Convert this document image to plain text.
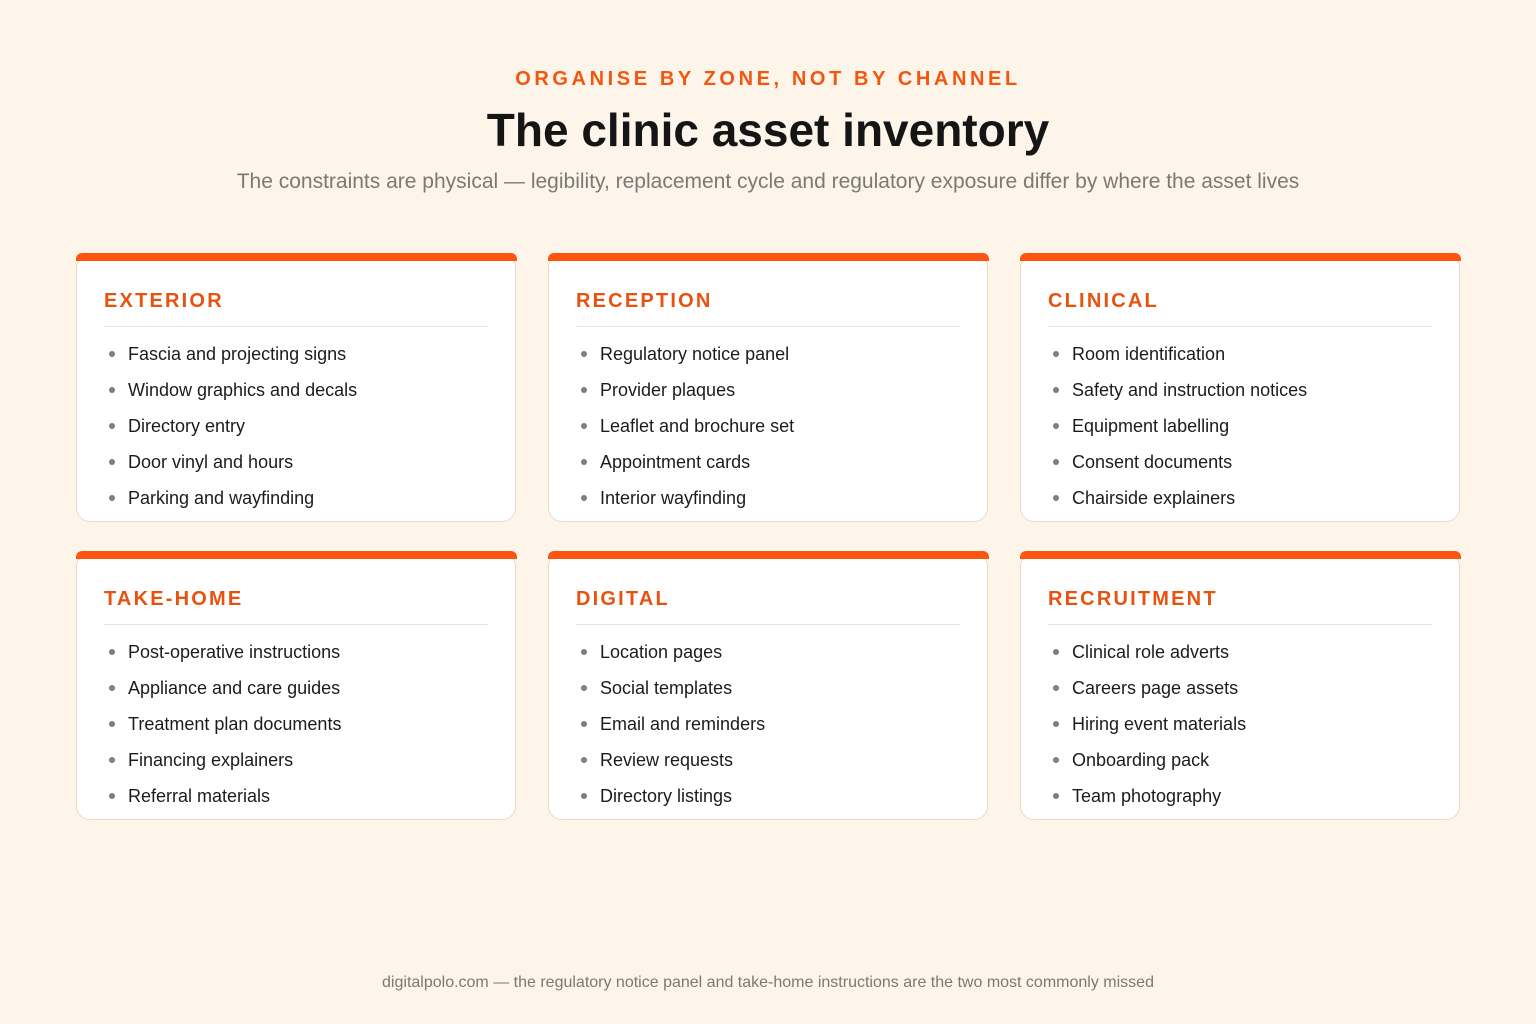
ORGANISE BY ZONE, NOT BY CHANNEL
The clinic asset inventory
The constraints are physical — legibility, replacement cycle and regulatory exposure differ by where the asset lives
EXTERIOR
Fascia and projecting signs
Window graphics and decals
Directory entry
Door vinyl and hours
Parking and wayfinding
RECEPTION
Regulatory notice panel
Provider plaques
Leaflet and brochure set
Appointment cards
Interior wayfinding
CLINICAL
Room identification
Safety and instruction notices
Equipment labelling
Consent documents
Chairside explainers
TAKE-HOME
Post-operative instructions
Appliance and care guides
Treatment plan documents
Financing explainers
Referral materials
DIGITAL
Location pages
Social templates
Email and reminders
Review requests
Directory listings
RECRUITMENT
Clinical role adverts
Careers page assets
Hiring event materials
Onboarding pack
Team photography
digitalpolo.com — the regulatory notice panel and take-home instructions are the two most commonly missed
